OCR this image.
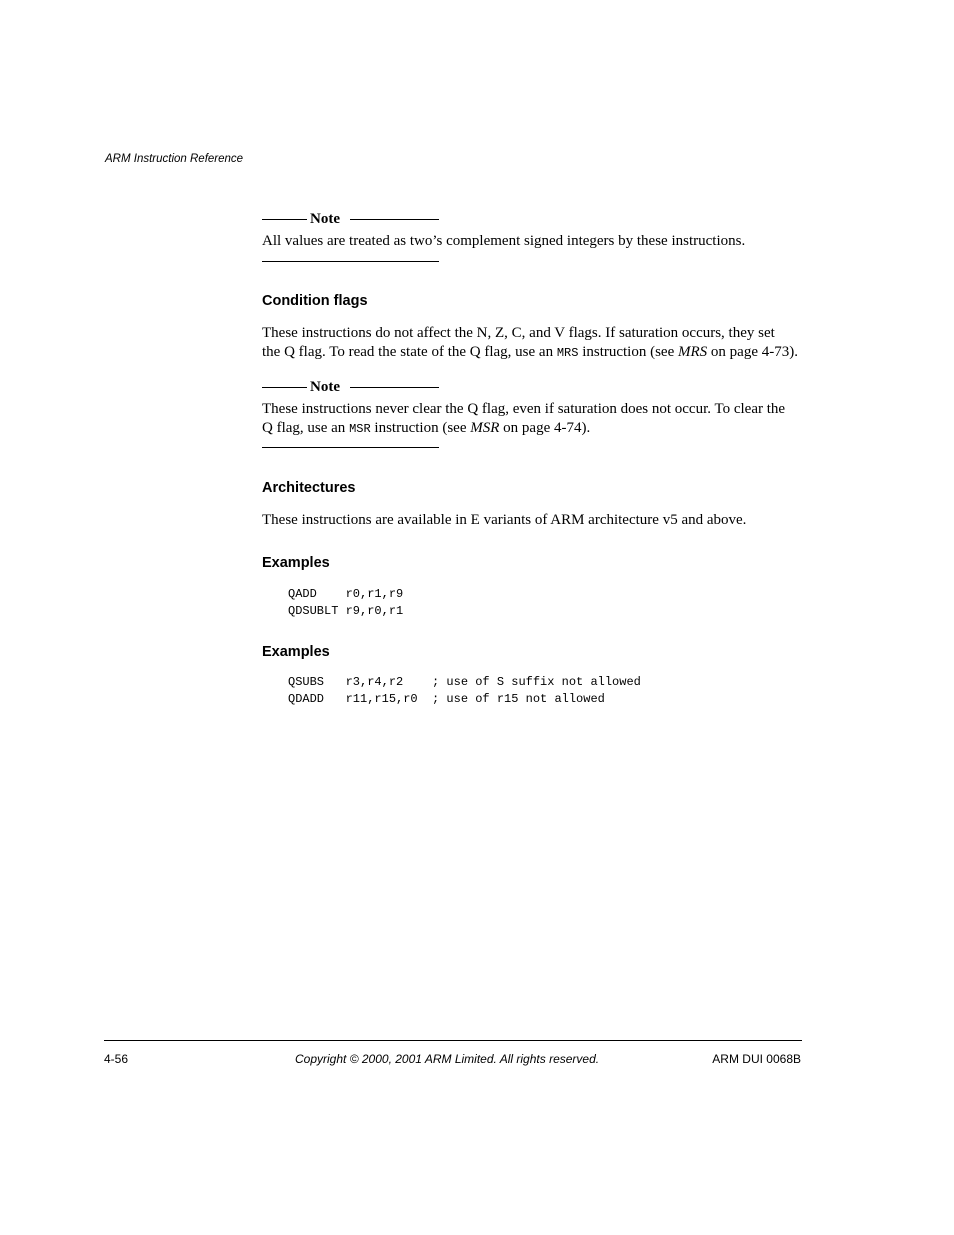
ARM Instruction Reference
Note
All values are treated as two’s complement signed integers by these instructions.
Condition flags
These instructions do not affect the N, Z, C, and V flags. If saturation occurs, they set
the Q flag. To read the state of the Q flag, use an MRS instruction (see MRS on page 4-73).
Note
These instructions never clear the Q flag, even if saturation does not occur. To clear the
Q flag, use an MSR instruction (see MSR on page 4-74).
Architectures
These instructions are available in E variants of ARM architecture v5 and above.
Examples
QADD    r0,r1,r9
QDSUBLT r9,r0,r1
Examples
QSUBS   r3,r4,r2    ; use of S suffix not allowed
QDADD   r11,r15,r0  ; use of r15 not allowed
4-56	Copyright © 2000, 2001 ARM Limited. All rights reserved.	ARM DUI 0068B
